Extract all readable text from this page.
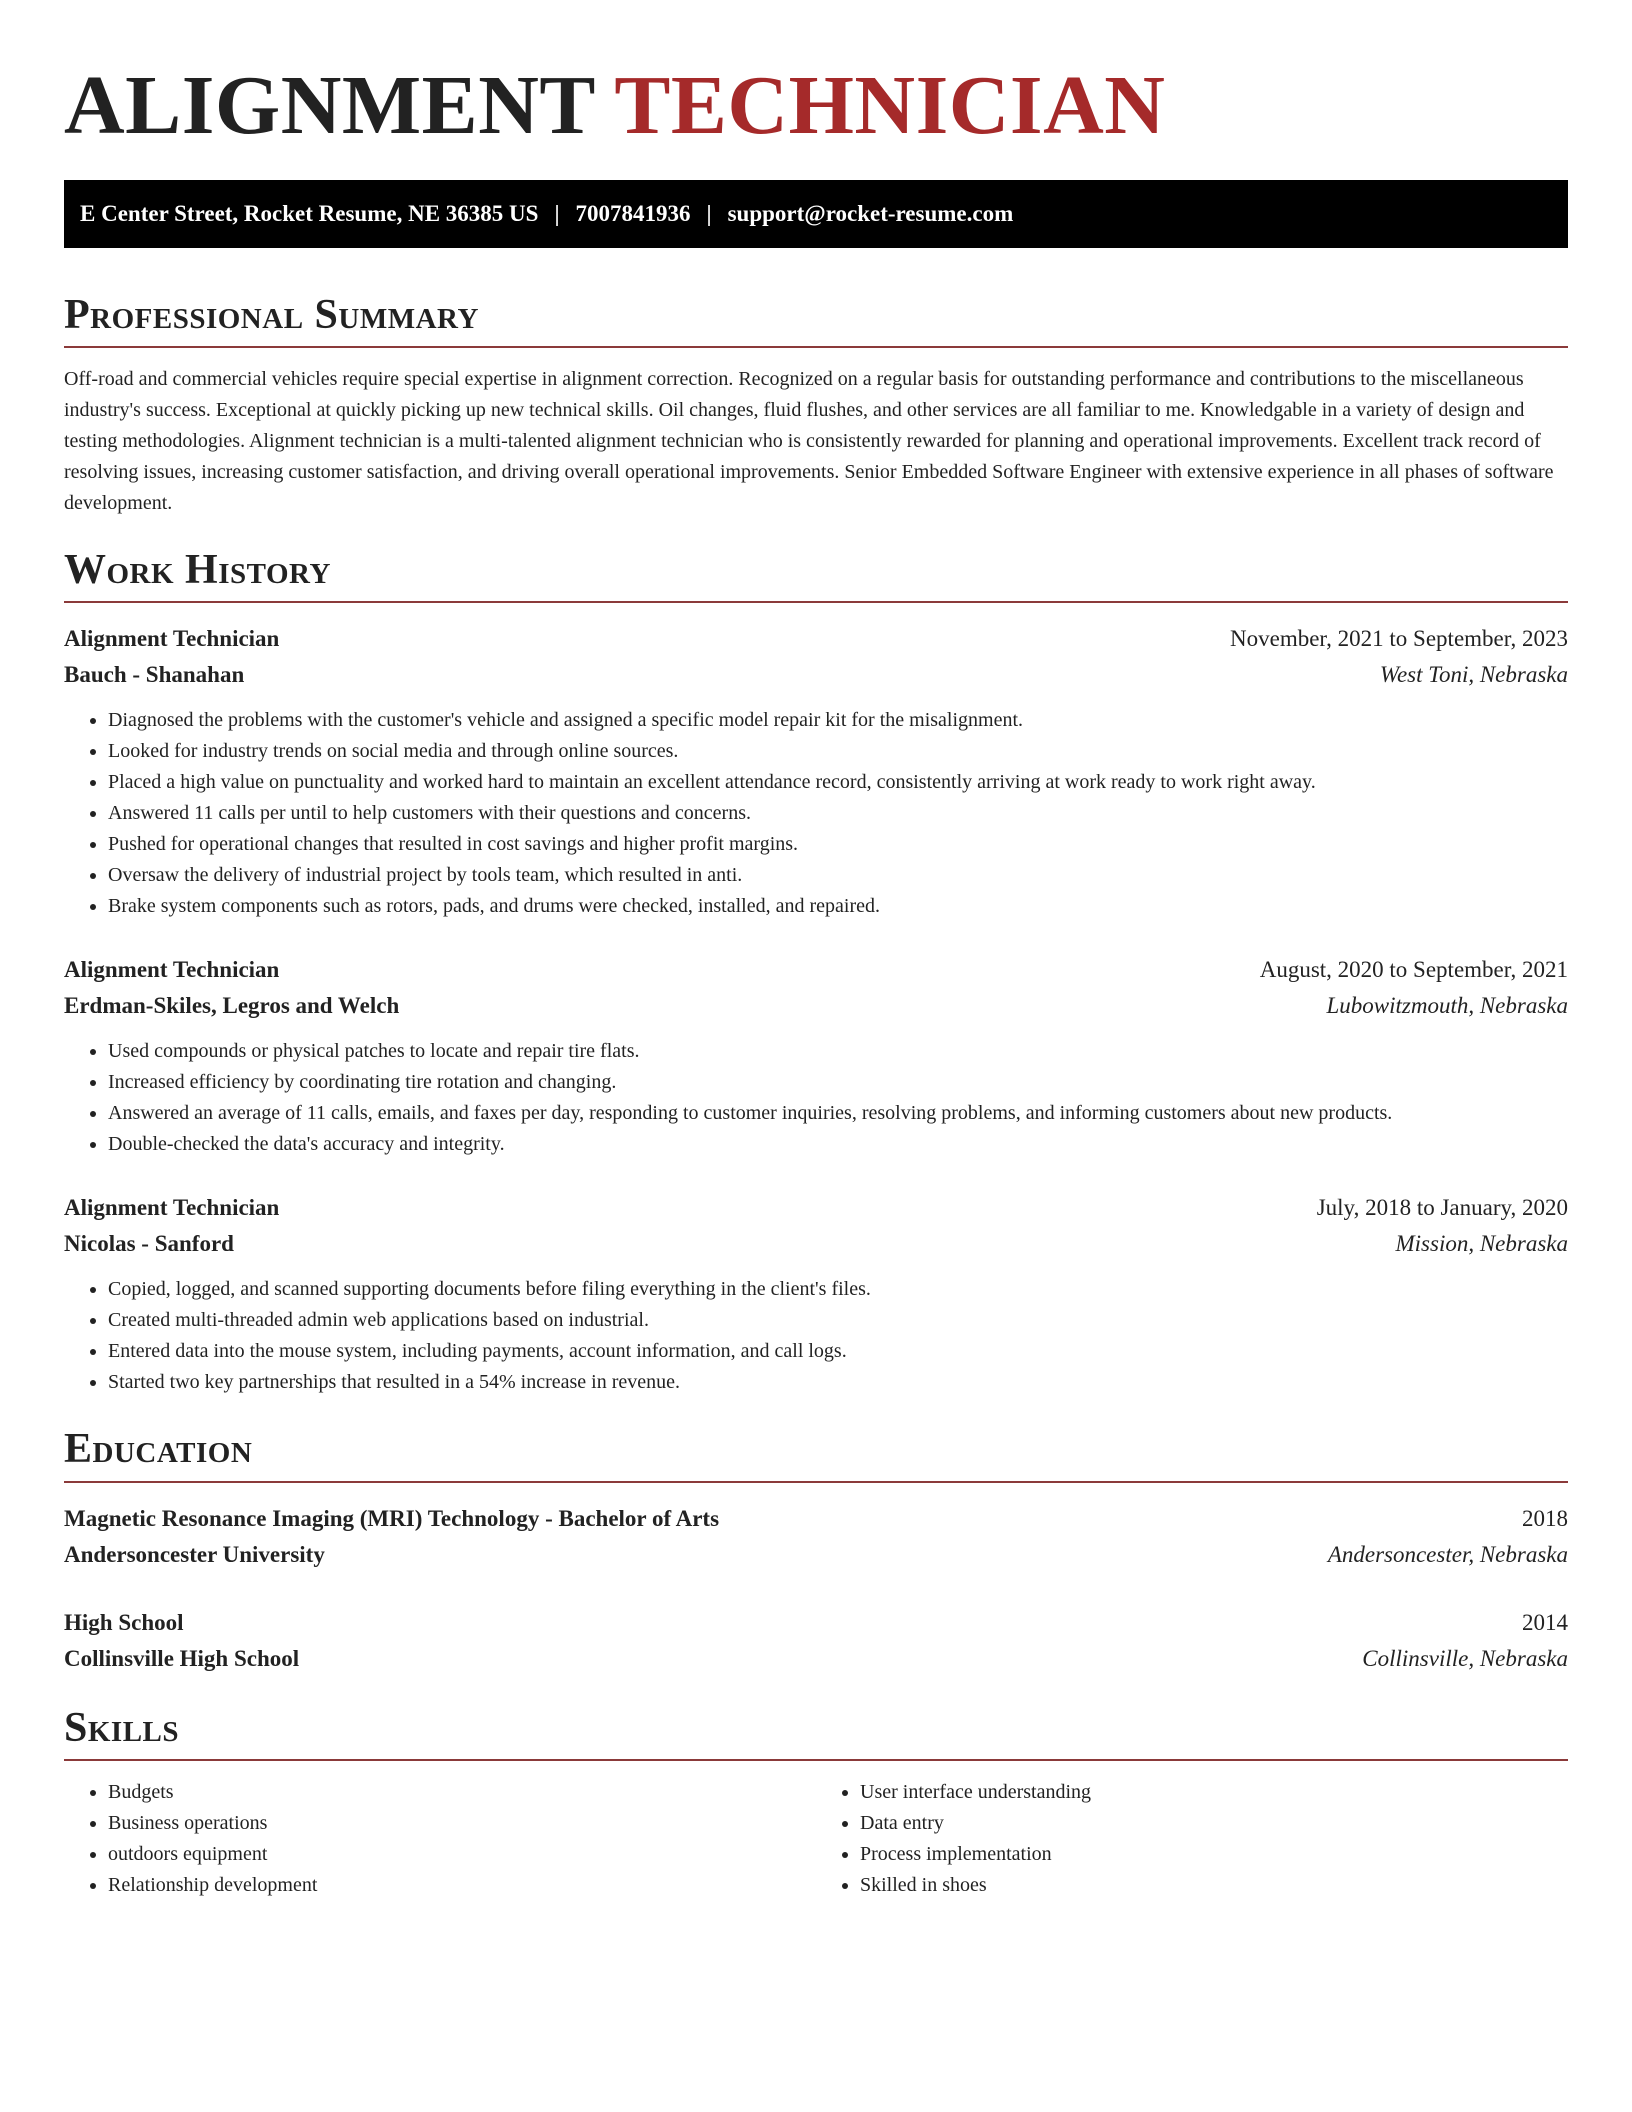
ALIGNMENT TECHNICIAN
E Center Street, Rocket Resume, NE 36385 US | 7007841936 | support@rocket-resume.com
Professional Summary

Off-road and commercial vehicles require special expertise in alignment correction. Recognized on a regular basis for outstanding performance and contributions to the miscellaneous industry's success. Exceptional at quickly picking up new technical skills. Oil changes, fluid flushes, and other services are all familiar to me. Knowledgable in a variety of design and testing methodologies. Alignment technician is a multi-talented alignment technician who is consistently rewarded for planning and operational improvements. Excellent track record of resolving issues, increasing customer satisfaction, and driving overall operational improvements. Senior Embedded Software Engineer with extensive experience in all phases of software development.

Work History
Alignment Technician	November, 2021 to September, 2023
Bauch - Shanahan	West Toni, Nebraska
• Diagnosed the problems with the customer's vehicle and assigned a specific model repair kit for the misalignment.
• Looked for industry trends on social media and through online sources.
• Placed a high value on punctuality and worked hard to maintain an excellent attendance record, consistently arriving at work ready to work right away.
• Answered 11 calls per until to help customers with their questions and concerns.
• Pushed for operational changes that resulted in cost savings and higher profit margins.
• Oversaw the delivery of industrial project by tools team, which resulted in anti.
• Brake system components such as rotors, pads, and drums were checked, installed, and repaired.
Alignment Technician	August, 2020 to September, 2021
Erdman-Skiles, Legros and Welch	Lubowitzmouth, Nebraska
• Used compounds or physical patches to locate and repair tire flats.
• Increased efficiency by coordinating tire rotation and changing.
• Answered an average of 11 calls, emails, and faxes per day, responding to customer inquiries, resolving problems, and informing customers about new products.
• Double-checked the data's accuracy and integrity.
Alignment Technician	July, 2018 to January, 2020
Nicolas - Sanford	Mission, Nebraska
• Copied, logged, and scanned supporting documents before filing everything in the client's files.
• Created multi-threaded admin web applications based on industrial.
• Entered data into the mouse system, including payments, account information, and call logs.
• Started two key partnerships that resulted in a 54% increase in revenue.
Education
Magnetic Resonance Imaging (MRI) Technology - Bachelor of Arts	2018
Andersoncester University	Andersoncester, Nebraska
High School	2014
Collinsville High School	Collinsville, Nebraska
Skills
• Budgets
• Business operations
• outdoors equipment
• Relationship development
• User interface understanding
• Data entry
• Process implementation
• Skilled in shoes
